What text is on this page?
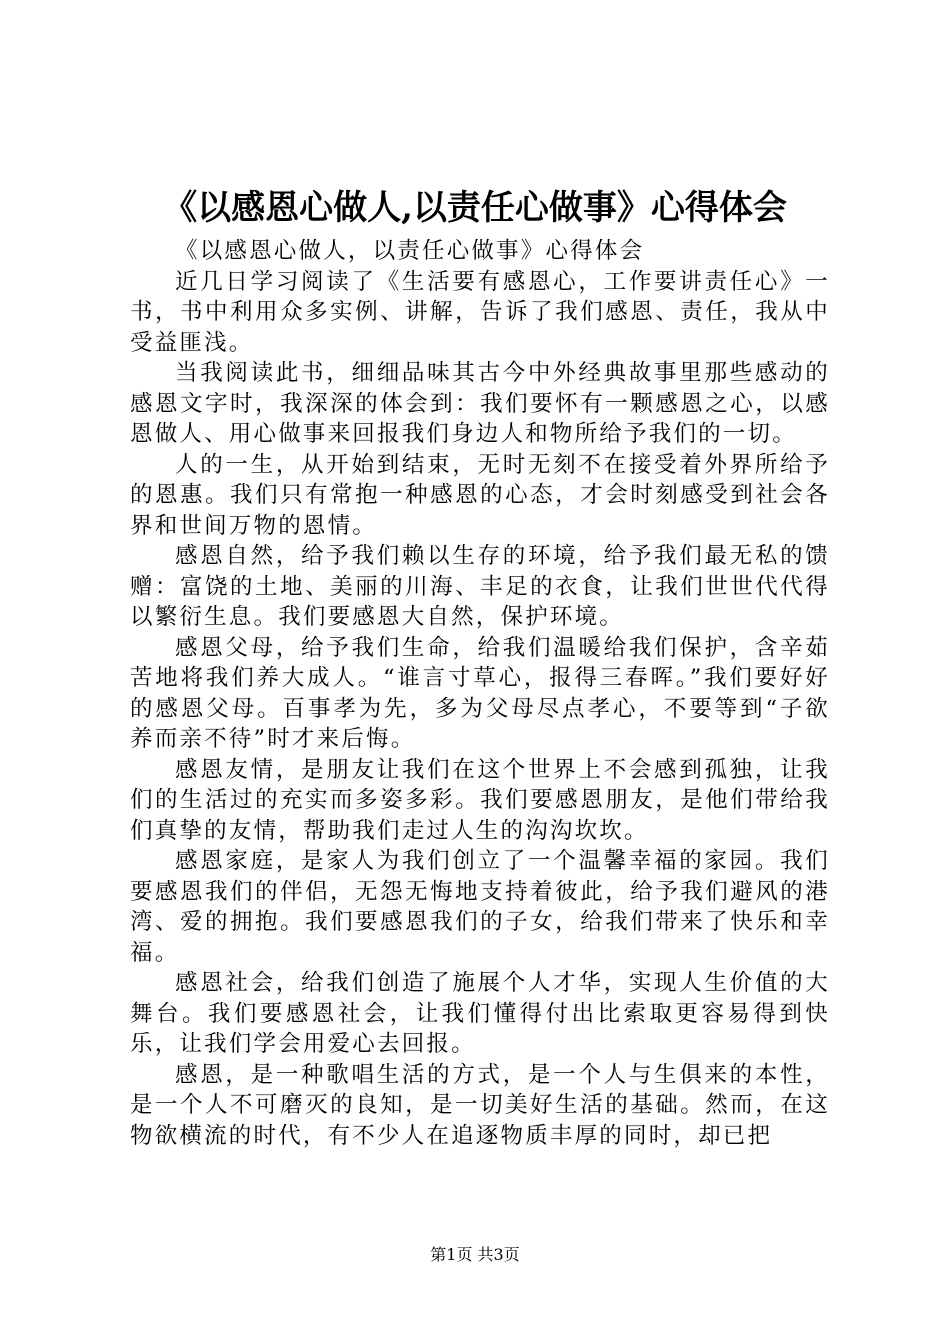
《以感恩心做人,以责任心做事》心得体会

《以感恩心做人，以责任心做事》心得体会

近几日学习阅读了《生活要有感恩心，工作要讲责任心》一书，书中利用众多实例、讲解，告诉了我们感恩、责任，我从中受益匪浅。

当我阅读此书，细细品味其古今中外经典故事里那些感动的感恩文字时，我深深的体会到：我们要怀有一颗感恩之心，以感恩做人、用心做事来回报我们身边人和物所给予我们的一切。

人的一生，从开始到结束，无时无刻不在接受着外界所给予的恩惠。我们只有常抱一种感恩的心态，才会时刻感受到社会各界和世间万物的恩情。

感恩自然，给予我们赖以生存的环境，给予我们最无私的馈赠：富饶的土地、美丽的川海、丰足的衣食，让我们世世代代得以繁衍生息。我们要感恩大自然，保护环境。

感恩父母，给予我们生命，给我们温暖给我们保护，含辛茹苦地将我们养大成人。“谁言寸草心，报得三春晖。”我们要好好的感恩父母。百事孝为先，多为父母尽点孝心，不要等到“子欲养而亲不待”时才来后悔。

感恩友情，是朋友让我们在这个世界上不会感到孤独，让我们的生活过的充实而多姿多彩。我们要感恩朋友，是他们带给我们真挚的友情，帮助我们走过人生的沟沟坎坎。

感恩家庭，是家人为我们创立了一个温馨幸福的家园。我们要感恩我们的伴侣，无怨无悔地支持着彼此，给予我们避风的港湾、爱的拥抱。我们要感恩我们的子女，给我们带来了快乐和幸福。

感恩社会，给我们创造了施展个人才华，实现人生价值的大舞台。我们要感恩社会，让我们懂得付出比索取更容易得到快乐，让我们学会用爱心去回报。

感恩，是一种歌唱生活的方式，是一个人与生俱来的本性，是一个人不可磨灭的良知，是一切美好生活的基础。然而，在这物欲横流的时代，有不少人在追逐物质丰厚的同时，却已把

第1页 共3页
